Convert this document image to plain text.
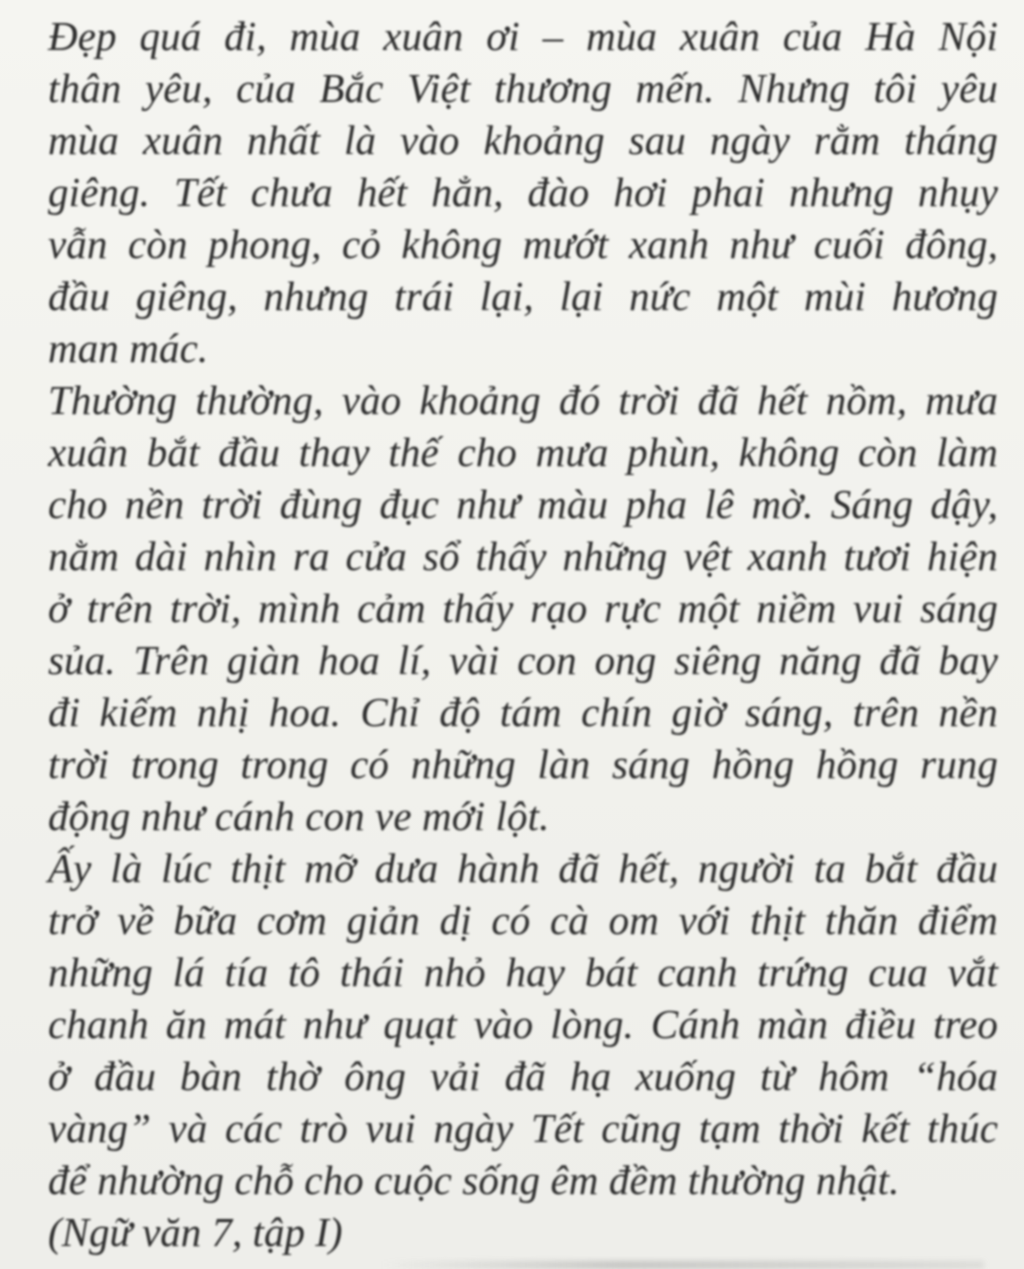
Đẹp quá đi, mùa xuân ơi – mùa xuân của Hà Nội
thân yêu, của Bắc Việt thương mến. Nhưng tôi yêu
mùa xuân nhất là vào khoảng sau ngày rằm tháng
giêng. Tết chưa hết hẳn, đào hơi phai nhưng nhụy
vẫn còn phong, cỏ không mướt xanh như cuối đông,
đầu giêng, nhưng trái lại, lại nức một mùi hương
man mác.
Thường thường, vào khoảng đó trời đã hết nồm, mưa
xuân bắt đầu thay thế cho mưa phùn, không còn làm
cho nền trời đùng đục như màu pha lê mờ. Sáng dậy,
nằm dài nhìn ra cửa sổ thấy những vệt xanh tươi hiện
ở trên trời, mình cảm thấy rạo rực một niềm vui sáng
sủa. Trên giàn hoa lí, vài con ong siêng năng đã bay
đi kiếm nhị hoa. Chỉ độ tám chín giờ sáng, trên nền
trời trong trong có những làn sáng hồng hồng rung
động như cánh con ve mới lột.
Ấy là lúc thịt mỡ dưa hành đã hết, người ta bắt đầu
trở về bữa cơm giản dị có cà om với thịt thăn điểm
những lá tía tô thái nhỏ hay bát canh trứng cua vắt
chanh ăn mát như quạt vào lòng. Cánh màn điều treo
ở đầu bàn thờ ông vải đã hạ xuống từ hôm “hóa
vàng” và các trò vui ngày Tết cũng tạm thời kết thúc
để nhường chỗ cho cuộc sống êm đềm thường nhật.
(Ngữ văn 7, tập I)
